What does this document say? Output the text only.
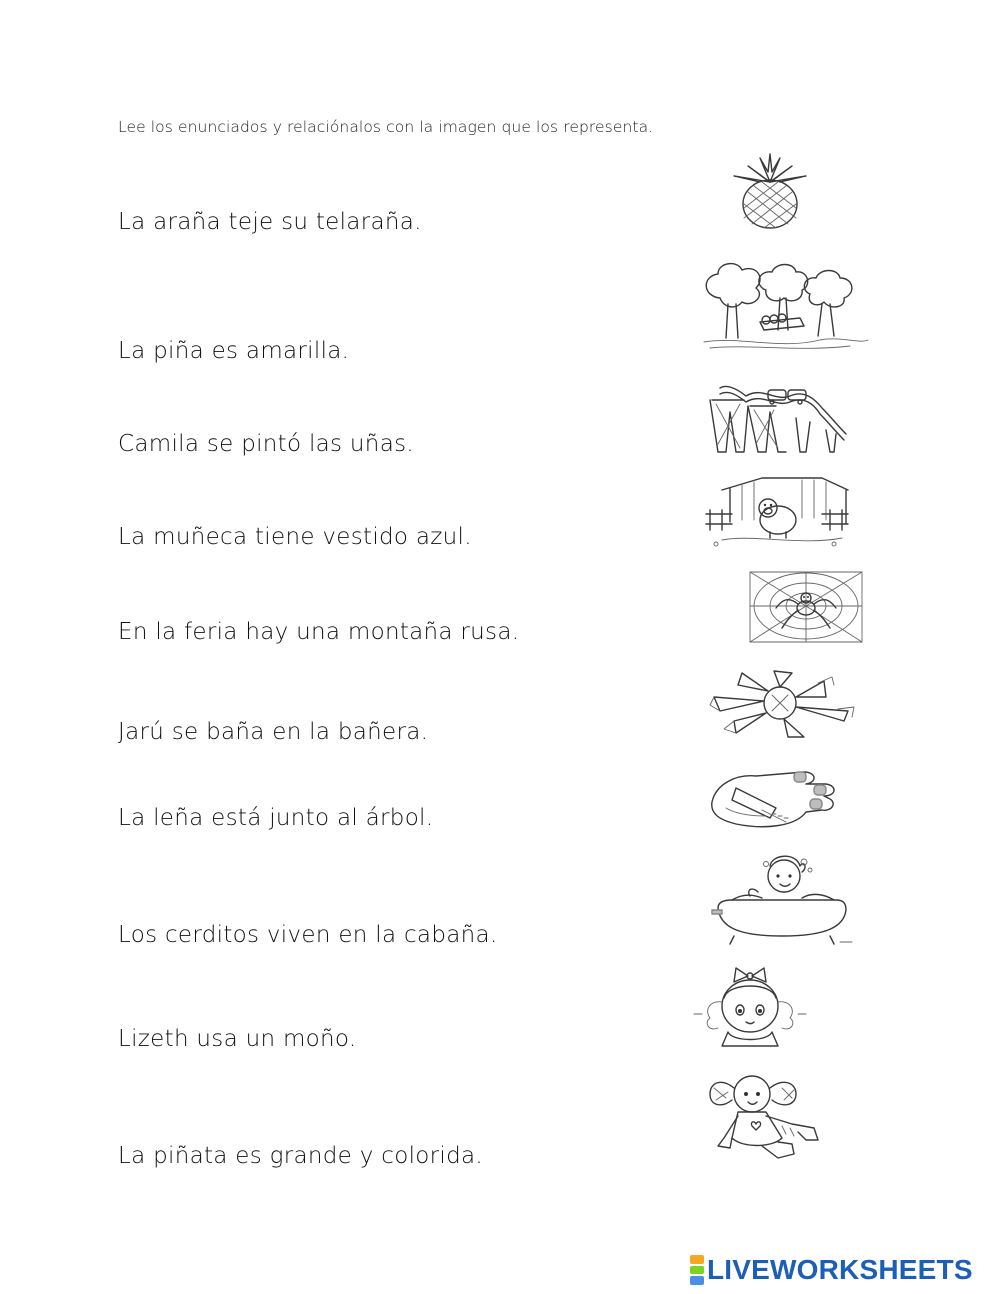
Lee los enunciados y relaciónalos con la imagen que los representa.
La araña teje su telaraña.
La piña es amarilla.
Camila se pintó las uñas.
La muñeca tiene vestido azul.
En la feria hay una montaña rusa.
Jarú se baña en la bañera.
La leña está junto al árbol.
Los cerditos viven en la cabaña.
Lizeth usa un moño.
La piñata es grande y colorida.
LIVEWORKSHEETS
